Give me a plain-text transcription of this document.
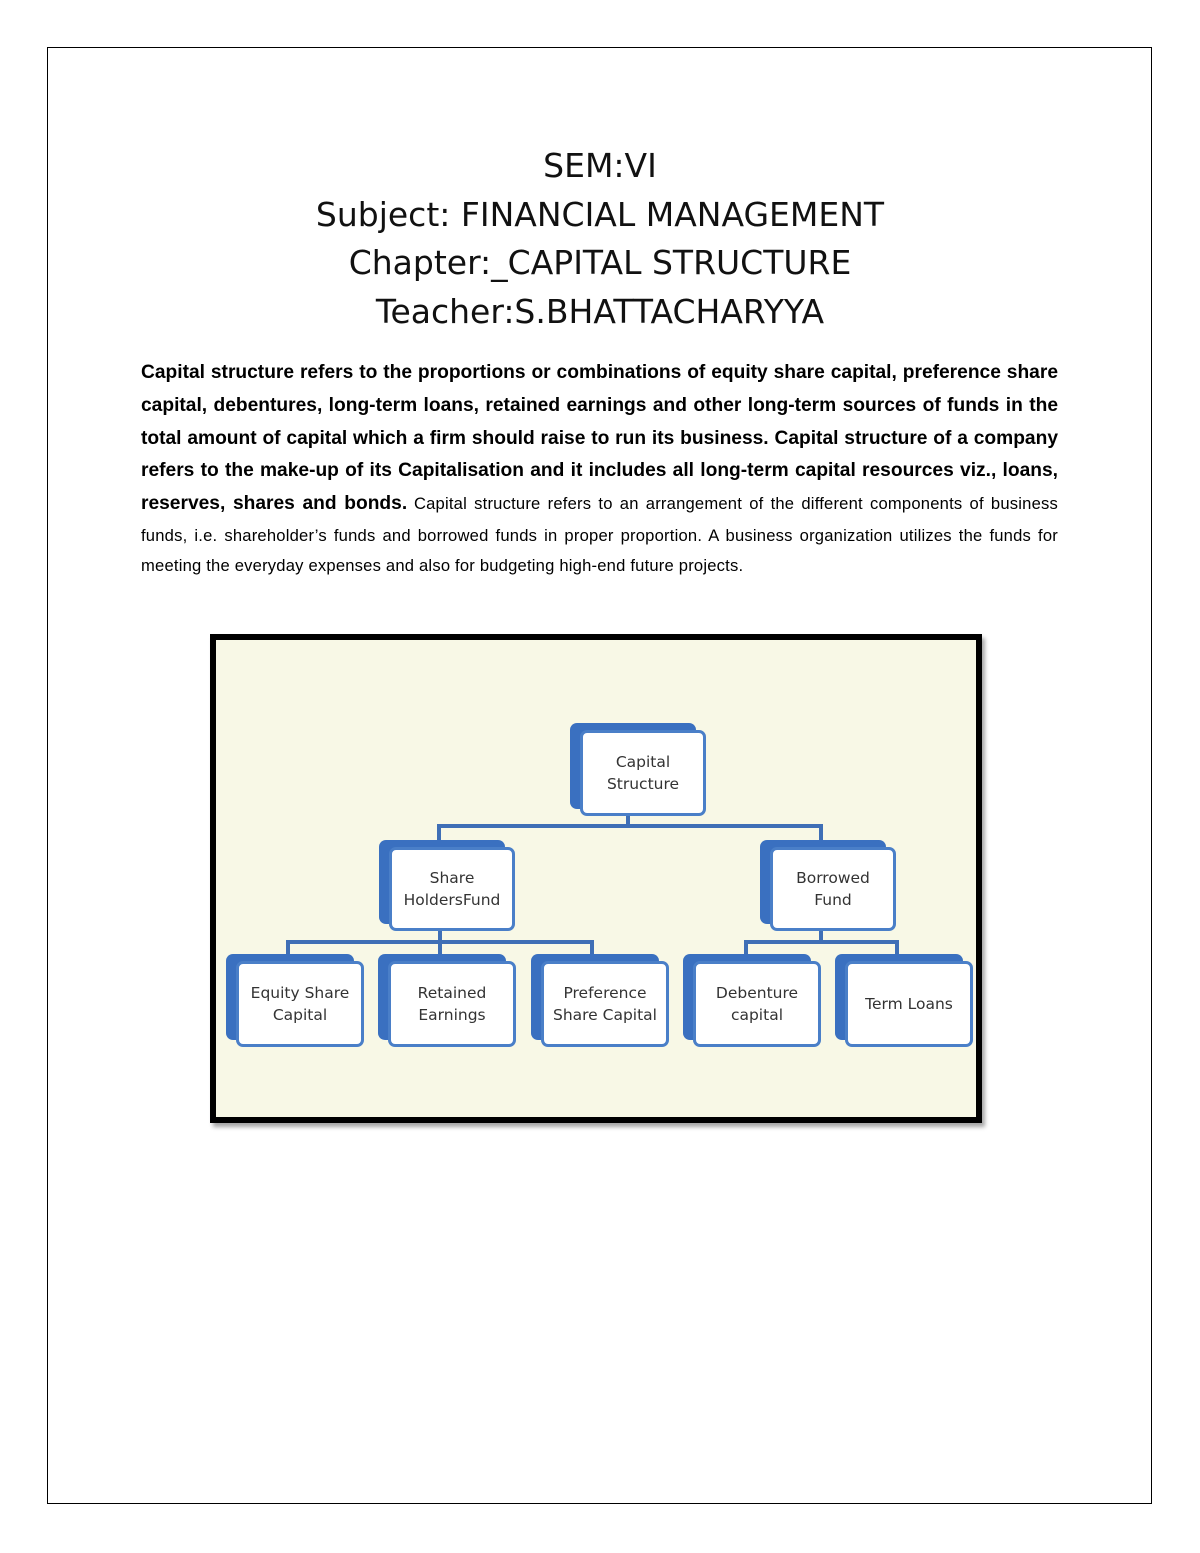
SEM:VI
Subject: FINANCIAL MANAGEMENT
Chapter:_CAPITAL STRUCTURE
Teacher:S.BHATTACHARYYA
Capital structure refers to the proportions or combinations of equity share capital, preference share capital, debentures, long-term loans, retained earnings and other long-term sources of funds in the total amount of capital which a firm should raise to run its business. Capital structure of a company refers to the make-up of its Capitalisation and it includes all long-term capital resources viz., loans, reserves, shares and bonds. Capital structure refers to an arrangement of the different components of business funds, i.e. shareholder’s funds and borrowed funds in proper proportion. A business organization utilizes the funds for meeting the everyday expenses and also for budgeting high-end future projects.
Capital
Structure
Share
HoldersFund
Borrowed
Fund
Equity Share
Capital
Retained
Earnings
Preference
Share Capital
Debenture
capital
Term Loans
